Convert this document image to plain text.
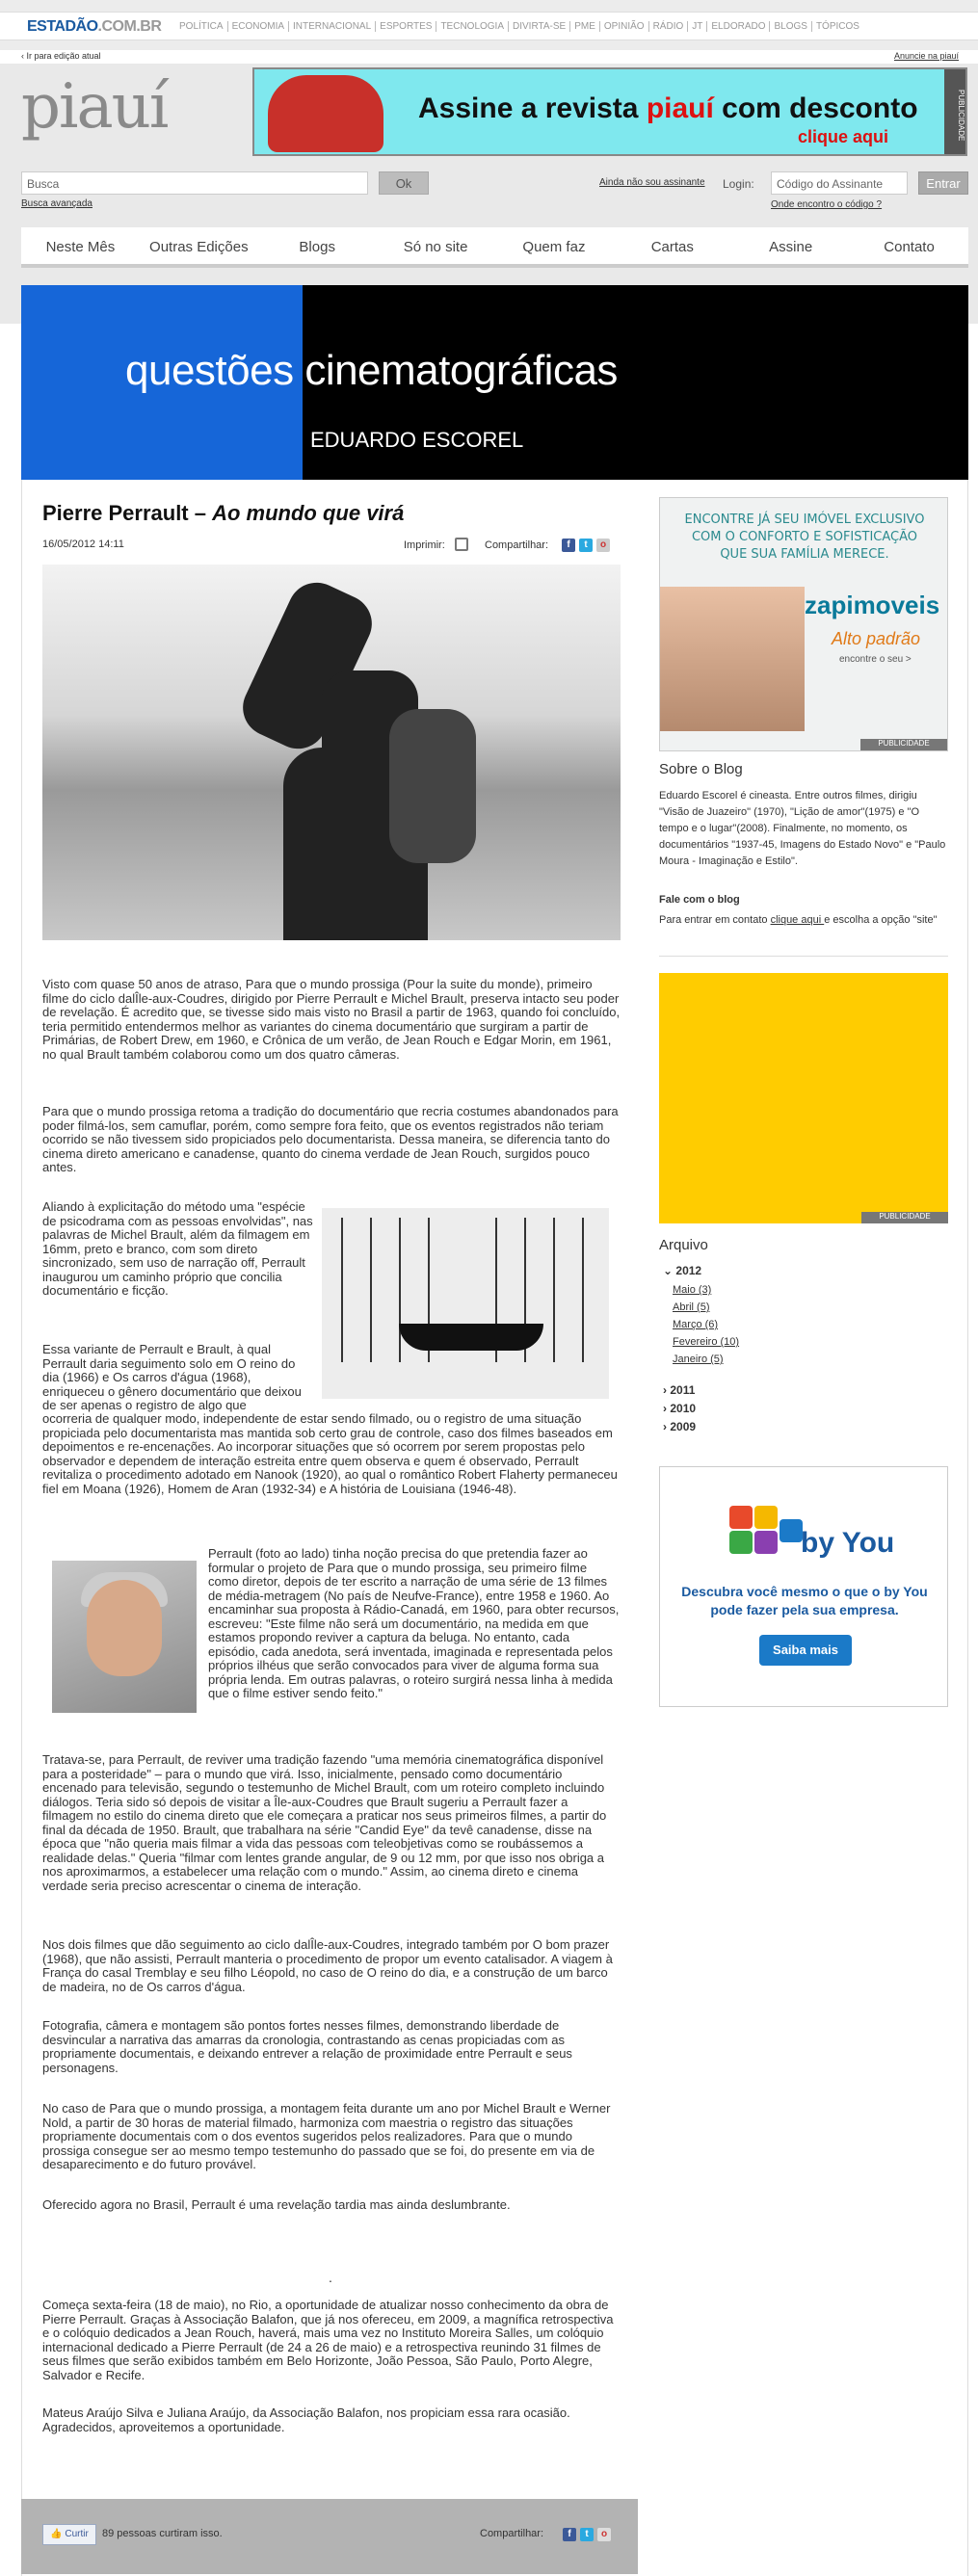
ESTADÃO.COM.BR	POLÍTICA ECONOMIA INTERNACIONAL ESPORTES TECNOLOGIA DIVIRTA-SE PME OPINIÃO RÁDIO JT ELDORADO BLOGS TÓPICOS
‹ Ir para edição atual	Anuncie na piauí
piauí	Assine a revista piauí com desconto
clique aqui	PUBLICIDADE
Busca	Ok
Busca avançada
Ainda não sou assinante Login:	Código do Assinante	Entrar
Onde encontro o código ?
Neste Mês	Outras Edições	Blogs	Só no site	Quem faz	Cartas	Assine	Contato
questões cinematográficas
EDUARDO ESCOREL
Pierre Perrault – Ao mundo que virá
16/05/2012 14:11	Imprimir:	Compartilhar:	f	t	o

Visto com quase 50 anos de atraso, Para que o mundo prossiga (Pour la suite du monde), primeiro filme do ciclo dalÎle-aux-Coudres, dirigido por Pierre Perrault e Michel Brault, preserva intacto seu poder de revelação. É acredito que, se tivesse sido mais visto no Brasil a partir de 1963, quando foi concluído, teria permitido entendermos melhor as variantes do cinema documentário que surgiram a partir de Primárias, de Robert Drew, em 1960, e Crônica de um verão, de Jean Rouch e Edgar Morin, em 1961, no qual Brault também colaborou como um dos quatro câmeras.

Para que o mundo prossiga retoma a tradição do documentário que recria costumes abandonados para poder filmá-los, sem camuflar, porém, como sempre fora feito, que os eventos registrados não teriam ocorrido se não tivessem sido propiciados pelo documentarista. Dessa maneira, se diferencia tanto do cinema direto americano e canadense, quanto do cinema verdade de Jean Rouch, surgidos pouco antes.

Aliando à explicitação do método uma "espécie de psicodrama com as pessoas envolvidas", nas palavras de Michel Brault, além da filmagem em 16mm, preto e branco, com som direto sincronizado, sem uso de narração off, Perrault inaugurou um caminho próprio que concilia documentário e ficção.

Essa variante de Perrault e Brault, à qual Perrault daria seguimento solo em O reino do dia (1966) e Os carros d'água (1968), enriqueceu o gênero documentário que deixou de ser apenas o registro de algo que

ocorreria de qualquer modo, independente de estar sendo filmado, ou o registro de uma situação propiciada pelo documentarista mas mantida sob certo grau de controle, caso dos filmes baseados em depoimentos e re-encenações. Ao incorporar situações que só ocorrem por serem propostas pelo observador e dependem de interação estreita entre quem observa e quem é observado, Perrault revitaliza o procedimento adotado em Nanook (1920), ao qual o romântico Robert Flaherty permaneceu fiel em Moana (1926), Homem de Aran (1932-34) e A história de Louisiana (1946-48).

Perrault (foto ao lado) tinha noção precisa do que pretendia fazer ao formular o projeto de Para que o mundo prossiga, seu primeiro filme como diretor, depois de ter escrito a narração de uma série de 13 filmes de média-metragem (No país de Neufve-France), entre 1958 e 1960. Ao encaminhar sua proposta à Rádio-Canadá, em 1960, para obter recursos, escreveu: "Este filme não será um documentário, na medida em que estamos propondo reviver a captura da beluga. No entanto, cada episódio, cada anedota, será inventada, imaginada e representada pelos próprios ilhéus que serão convocados para viver de alguma forma sua própria lenda. Em outras palavras, o roteiro surgirá nessa linha à medida que o filme estiver sendo feito."

Tratava-se, para Perrault, de reviver uma tradição fazendo "uma memória cinematográfica disponível para a posteridade" – para o mundo que virá. Isso, inicialmente, pensado como documentário encenado para televisão, segundo o testemunho de Michel Brault, com um roteiro completo incluindo diálogos. Teria sido só depois de visitar a Île-aux-Coudres que Brault sugeriu a Perrault fazer a filmagem no estilo do cinema direto que ele começara a praticar nos seus primeiros filmes, a partir do final da década de 1950. Brault, que trabalhara na série "Candid Eye" da tevê canadense, disse na época que "não queria mais filmar a vida das pessoas com teleobjetivas como se roubássemos a realidade delas." Queria "filmar com lentes grande angular, de 9 ou 12 mm, por que isso nos obriga a nos aproximarmos, a estabelecer uma relação com o mundo." Assim, ao cinema direto e cinema verdade seria preciso acrescentar o cinema de interação.

Nos dois filmes que dão seguimento ao ciclo dalÎle-aux-Coudres, integrado também por O bom prazer (1968), que não assisti, Perrault manteria o procedimento de propor um evento catalisador. A viagem à França do casal Tremblay e seu filho Léopold, no caso de O reino do dia, e a construção de um barco de madeira, no de Os carros d'água.

Fotografia, câmera e montagem são pontos fortes nesses filmes, demonstrando liberdade de desvincular a narrativa das amarras da cronologia, contrastando as cenas propiciadas com as propriamente documentais, e deixando entrever a relação de proximidade entre Perrault e seus personagens.

No caso de Para que o mundo prossiga, a montagem feita durante um ano por Michel Brault e Werner Nold, a partir de 30 horas de material filmado, harmoniza com maestria o registro das situações propriamente documentais com o dos eventos sugeridos pelos realizadores. Para que o mundo prossiga consegue ser ao mesmo tempo testemunho do passado que se foi, do presente em via de desaparecimento e do futuro provável.

Oferecido agora no Brasil, Perrault é uma revelação tardia mas ainda deslumbrante.

Começa sexta-feira (18 de maio), no Rio, a oportunidade de atualizar nosso conhecimento da obra de Pierre Perrault. Graças à Associação Balafon, que já nos ofereceu, em 2009, a magnífica retrospectiva e o colóquio dedicados a Jean Rouch, haverá, mais uma vez no Instituto Moreira Salles, um colóquio internacional dedicado a Pierre Perrault (de 24 a 26 de maio) e a retrospectiva reunindo 31 filmes de seus filmes que serão exibidos também em Belo Horizonte, João Pessoa, São Paulo, Porto Alegre, Salvador e Recife.

Mateus Araújo Silva e Juliana Araújo, da Associação Balafon, nos propiciam essa rara ocasião. Agradecidos, aproveitemos a oportunidade.

.
👍 Curtir	89 pessoas curtiram isso.	Compartilhar:	f	t	o
ENCONTRE JÁ SEU IMÓVEL EXCLUSIVO COM O CONFORTO E SOFISTICAÇÃO QUE SUA FAMÍLIA MERECE.
zapimoveis
Alto padrão
encontre o seu >
PUBLICIDADE
Sobre o Blog
Eduardo Escorel é cineasta. Entre outros filmes, dirigiu "Visão de Juazeiro" (1970), "Lição de amor"(1975) e "O tempo e o lugar"(2008). Finalmente, no momento, os documentários "1937-45, Imagens do Estado Novo" e "Paulo Moura - Imaginação e Estilo".
Fale com o blog
Para entrar em contato clique aqui e escolha a opção "site"
PUBLICIDADE
Arquivo
⌄ 2012
Maio (3)
Abril (5)
Março (6)
Fevereiro (10)
Janeiro (5)
› 2011
› 2010
› 2009
by You
Descubra você mesmo o que o by You pode fazer pela sua empresa.
Saiba mais
